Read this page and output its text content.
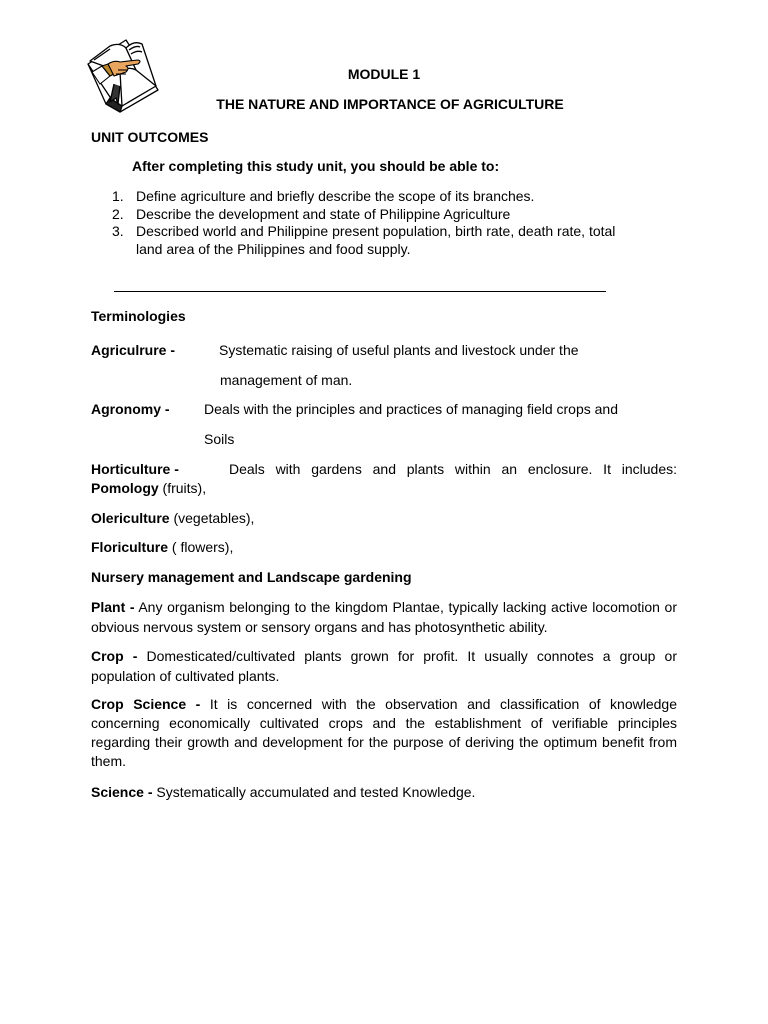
MODULE 1
THE NATURE AND IMPORTANCE OF AGRICULTURE
UNIT OUTCOMES
After completing this study unit, you should be able to:
1. Define agriculture and briefly describe the scope of its branches.
2. Describe the development and state of Philippine Agriculture
3. Described world and Philippine present population, birth rate, death rate, total
land area of the Philippines and food supply.
Terminologies
Agriculrure -	Systematic raising of useful plants and livestock under the
management of man.
Agronomy - Deals with the principles and practices of managing field crops and
Soils
Horticulture -	Deals with gardens and plants within an enclosure. It includes:
Pomology (fruits),
Olericulture (vegetables),
Floriculture ( flowers),
Nursery management and Landscape gardening
Plant - Any organism belonging to the kingdom Plantae, typically lacking active locomotion or obvious nervous system or sensory organs and has photosynthetic ability.
Crop - Domesticated/cultivated plants grown for profit. It usually connotes a group or population of cultivated plants.
Crop Science - It is concerned with the observation and classification of knowledge concerning economically cultivated crops and the establishment of verifiable principles regarding their growth and development for the purpose of deriving the optimum benefit from them.
Science - Systematically accumulated and tested Knowledge.
